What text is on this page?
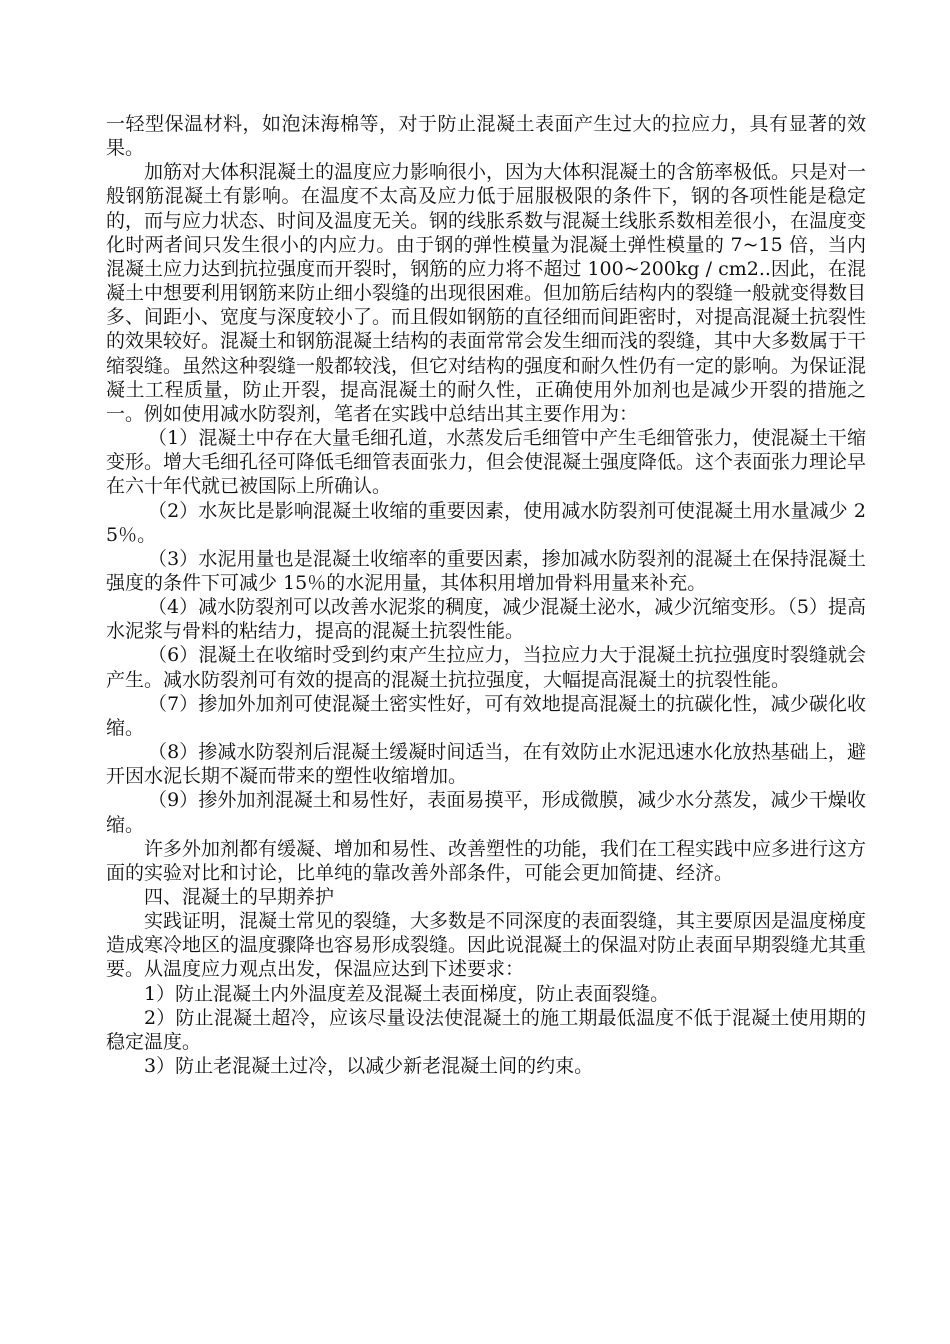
一轻型保温材料，如泡沫海棉等，对于防止混凝土表面产生过大的拉应力，具有显著的效果。

加筋对大体积混凝土的温度应力影响很小，因为大体积混凝土的含筋率极低。只是对一般钢筋混凝土有影响。在温度不太高及应力低于屈服极限的条件下，钢的各项性能是稳定的，而与应力状态、时间及温度无关。钢的线胀系数与混凝土线胀系数相差很小，在温度变化时两者间只发生很小的内应力。由于钢的弹性模量为混凝土弹性模量的 7~15 倍，当内混凝土应力达到抗拉强度而开裂时，钢筋的应力将不超过 100~200kg / cm2..因此，在混凝土中想要利用钢筋来防止细小裂缝的出现很困难。但加筋后结构内的裂缝一般就变得数目多、间距小、宽度与深度较小了。而且假如钢筋的直径细而间距密时，对提高混凝土抗裂性的效果较好。混凝土和钢筋混凝土结构的表面常常会发生细而浅的裂缝，其中大多数属于干缩裂缝。虽然这种裂缝一般都较浅，但它对结构的强度和耐久性仍有一定的影响。为保证混凝土工程质量，防止开裂，提高混凝土的耐久性，正确使用外加剂也是减少开裂的措施之一。例如使用减水防裂剂，笔者在实践中总结出其主要作用为：

（1）混凝土中存在大量毛细孔道，水蒸发后毛细管中产生毛细管张力，使混凝土干缩变形。增大毛细孔径可降低毛细管表面张力，但会使混凝土强度降低。这个表面张力理论早在六十年代就已被国际上所确认。

（2）水灰比是影响混凝土收缩的重要因素，使用减水防裂剂可使混凝土用水量减少 25％。

（3）水泥用量也是混凝土收缩率的重要因素，掺加减水防裂剂的混凝土在保持混凝土强度的条件下可减少 15％的水泥用量，其体积用增加骨料用量来补充。

（4）减水防裂剂可以改善水泥浆的稠度，减少混凝土泌水，减少沉缩变形。（5）提高水泥浆与骨料的粘结力，提高的混凝土抗裂性能。

（6）混凝土在收缩时受到约束产生拉应力，当拉应力大于混凝土抗拉强度时裂缝就会产生。减水防裂剂可有效的提高的混凝土抗拉强度，大幅提高混凝土的抗裂性能。

（7）掺加外加剂可使混凝土密实性好，可有效地提高混凝土的抗碳化性，减少碳化收缩。

（8）掺减水防裂剂后混凝土缓凝时间适当，在有效防止水泥迅速水化放热基础上，避开因水泥长期不凝而带来的塑性收缩增加。

（9）掺外加剂混凝土和易性好，表面易摸平，形成微膜，减少水分蒸发，减少干燥收缩。

许多外加剂都有缓凝、增加和易性、改善塑性的功能，我们在工程实践中应多进行这方面的实验对比和讨论，比单纯的靠改善外部条件，可能会更加简捷、经济。

四、混凝土的早期养护

实践证明，混凝土常见的裂缝，大多数是不同深度的表面裂缝，其主要原因是温度梯度造成寒冷地区的温度骤降也容易形成裂缝。因此说混凝土的保温对防止表面早期裂缝尤其重要。从温度应力观点出发，保温应达到下述要求：

1）防止混凝土内外温度差及混凝土表面梯度，防止表面裂缝。

2）防止混凝土超冷，应该尽量设法使混凝土的施工期最低温度不低于混凝土使用期的稳定温度。

3）防止老混凝土过冷，以减少新老混凝土间的约束。
